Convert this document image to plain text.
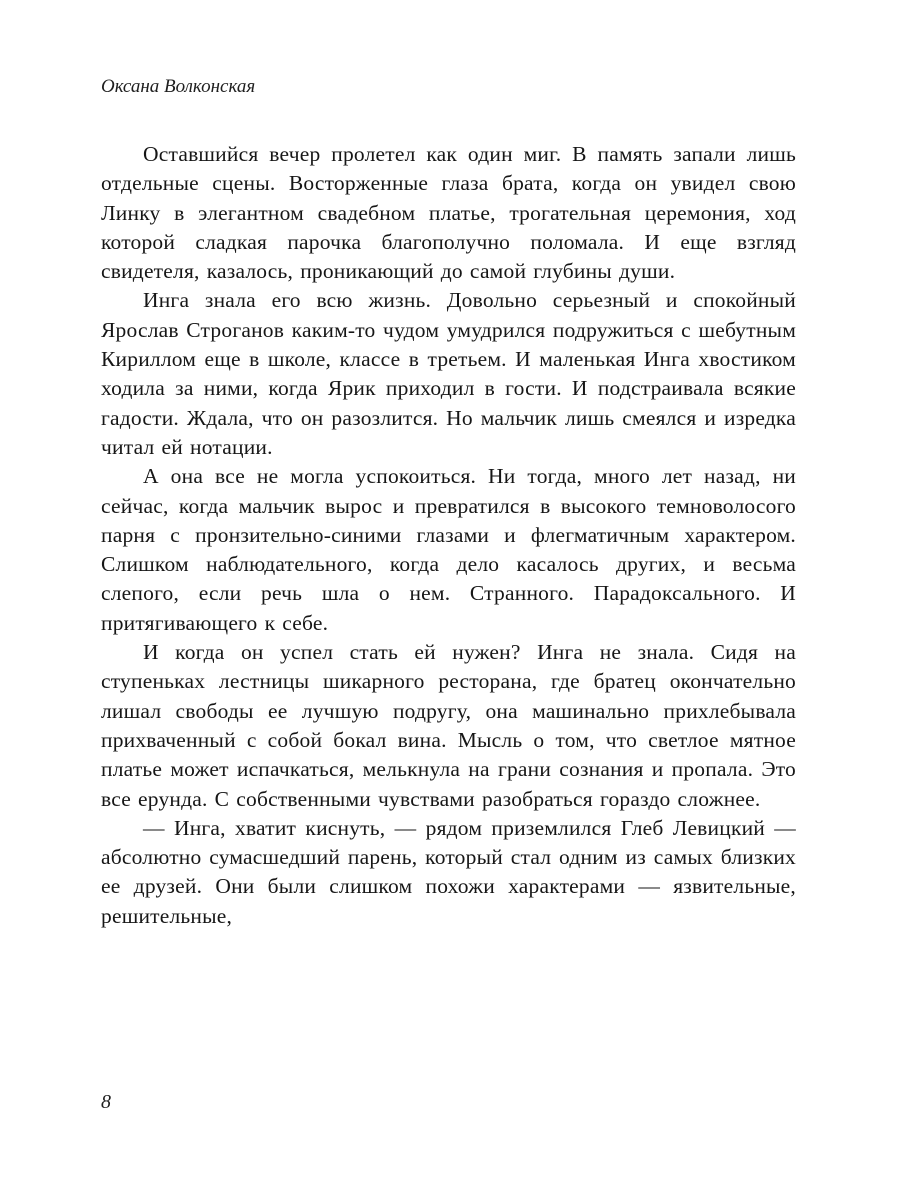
Оксана Волконская

Оставшийся вечер пролетел как один миг. В память запали лишь отдельные сцены. Восторженные глаза брата, когда он увидел свою Линку в элегантном свадебном платье, трогательная церемония, ход которой сладкая парочка благополучно поломала. И еще взгляд свидетеля, казалось, проникающий до самой глубины души.

Инга знала его всю жизнь. Довольно серьезный и спокойный Ярослав Строганов каким-то чудом умудрился подружиться с шебутным Кириллом еще в школе, классе в третьем. И маленькая Инга хвостиком ходила за ними, когда Ярик приходил в гости. И подстраивала всякие гадости. Ждала, что он разозлится. Но мальчик лишь смеялся и изредка читал ей нотации.

А она все не могла успокоиться. Ни тогда, много лет назад, ни сейчас, когда мальчик вырос и превратился в высокого темноволосого парня с пронзительно-синими глазами и флегматичным характером. Слишком наблюдательного, когда дело касалось других, и весьма слепого, если речь шла о нем. Странного. Парадоксального. И притягивающего к себе.

И когда он успел стать ей нужен? Инга не знала. Сидя на ступеньках лестницы шикарного ресторана, где братец окончательно лишал свободы ее лучшую подругу, она машинально прихлебывала прихваченный с собой бокал вина. Мысль о том, что светлое мятное платье может испачкаться, мелькнула на грани сознания и пропала. Это все ерунда. С собственными чувствами разобраться гораздо сложнее.

— Инга, хватит киснуть, — рядом приземлился Глеб Левицкий — абсолютно сумасшедший парень, который стал одним из самых близких ее друзей. Они были слишком похожи характерами — язвительные, решительные,

8
